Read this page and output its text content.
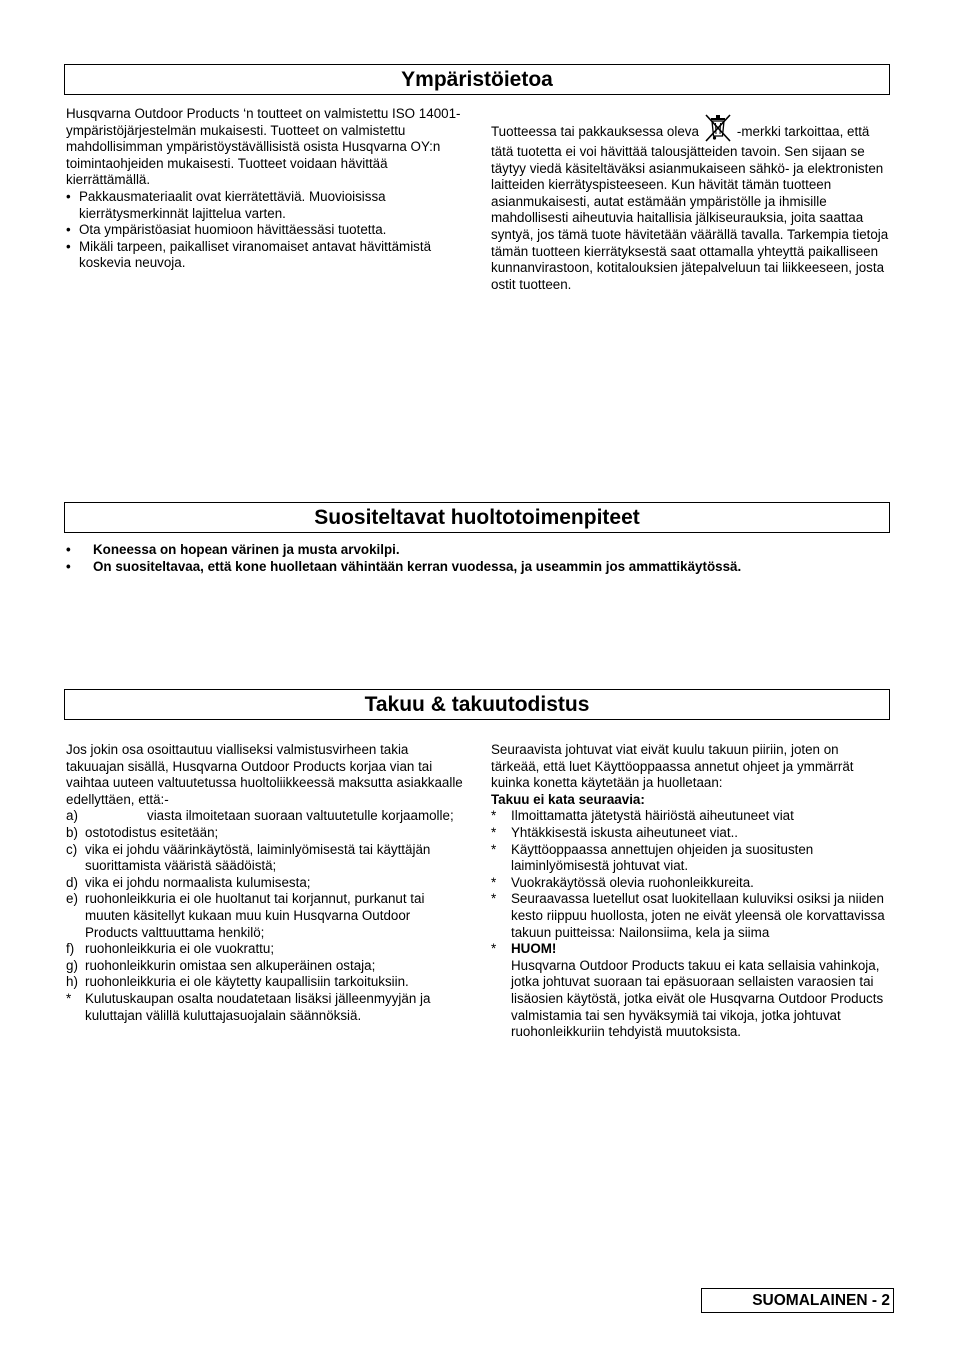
Ympäristöietoa

Husqvarna Outdoor Products ‘n toutteet on valmistettu ISO 14001-ympäristöjärjestelmän mukaisesti. Tuotteet on valmistettu mahdollisimman ympäristöystävällisistä osista Husqvarna OY:n toimintaohjeiden mukaisesti. Tuotteet voidaan hävittää kierrättämällä.

• Pakkausmateriaalit ovat kierrätettäviä. Muovioisissa kierrätysmerkinnät lajittelua varten.
• Ota ympäristöasiat huomioon hävittäessäsi tuotetta.
• Mikäli tarpeen, paikalliset viranomaiset antavat hävittämistä koskevia neuvoja.

Tuotteessa tai pakkauksessa oleva	-merkki tarkoittaa, että tätä tuotetta ei voi hävittää talousjätteiden tavoin. Sen sijaan se täytyy viedä käsiteltäväksi asianmukaiseen sähkö- ja elektronisten laitteiden kierrätyspisteeseen. Kun hävität tämän tuotteen asianmukaisesti, autat estämään ympäristölle ja ihmisille mahdollisesti aiheutuvia haitallisia jälkiseurauksia, joita saattaa syntyä, jos tämä tuote hävitetään väärällä tavalla. Tarkempia tietoja tämän tuotteen kierrätyksestä saat ottamalla yhteyttä paikalliseen kunnanvirastoon, kotitalouksien jätepalveluun tai liikkeeseen, josta ostit tuotteen.

Suositeltavat huoltotoimenpiteet
•	Koneessa on hopean värinen ja musta arvokilpi.
•	On suositeltavaa, että kone huolletaan vähintään kerran vuodessa, ja useammin jos ammattikäytössä.
Takuu & takuutodistus

Jos jokin osa osoittautuu vialliseksi valmistusvirheen takia takuuajan sisällä, Husqvarna Outdoor Products korjaa vian tai vaihtaa uuteen valtuutetussa huoltoliikkeessä maksutta asiakkaalle edellyttäen, että:-

a)	viasta ilmoitetaan suoraan valtuutetulle korjaamolle;
b) ostotodistus esitetään;
c) vika ei johdu väärinkäytöstä, laiminlyömisestä tai käyttäjän suorittamista vääristä säädöistä;
d) vika ei johdu normaalista kulumisesta;
e) ruohonleikkuria ei ole huoltanut tai korjannut, purkanut tai muuten käsitellyt kukaan muu kuin Husqvarna Outdoor Products valttuuttama henkilö;
f) ruohonleikkuria ei ole vuokrattu;
g) ruohonleikkurin omistaa sen alkuperäinen ostaja;
h) ruohonleikkuria ei ole käytetty kaupallisiin tarkoituksiin.
*	Kulutuskaupan osalta noudatetaan lisäksi jälleenmyyjän ja kuluttajan välillä kuluttajasuojalain säännöksiä.

Seuraavista johtuvat viat eivät kuulu takuun piiriin, joten on tärkeää, että luet Käyttöoppaassa annetut ohjeet ja ymmärrät kuinka konetta käytetään ja huolletaan:

Takuu ei kata seuraavia:
*	Ilmoittamatta jätetystä häiriöstä aiheutuneet viat
*	Yhtäkkisestä iskusta aiheutuneet viat..
*	Käyttöoppaassa annettujen ohjeiden ja suositusten laiminlyömisestä johtuvat viat.
*	Vuokrakäytössä olevia ruohonleikkureita.
*	Seuraavassa luetellut osat luokitellaan kuluviksi osiksi ja niiden kesto riippuu huollosta, joten ne eivät yleensä ole korvattavissa takuun puitteissa: Nailonsiima, kela ja siima
*	HUOM!
Husqvarna Outdoor Products takuu ei kata sellaisia vahinkoja, jotka johtuvat suoraan tai epäsuoraan sellaisten varaosien tai lisäosien käytöstä, jotka eivät ole Husqvarna Outdoor Products valmistamia tai sen hyväksymiä tai vikoja, jotka johtuvat ruohonleikkuriin tehdyistä muutoksista.
SUOMALAINEN - 2
